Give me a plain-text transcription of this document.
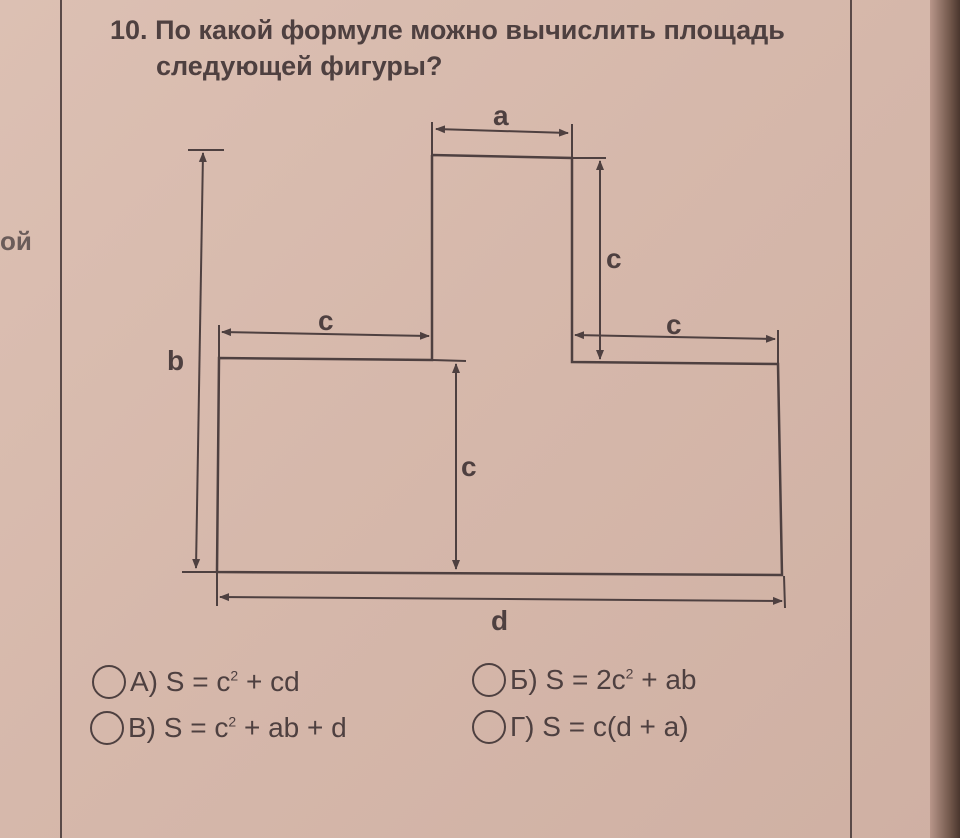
ой
10. По какой формуле можно вычислить площадь
следующей фигуры?
a
b
c
c	c
c
d
А)
$S = c^2$ + cd	Б)
$S = 2c^2$ + ab
В)
$S = c^2$ + ab + d	Г)
S = c(d + a)
